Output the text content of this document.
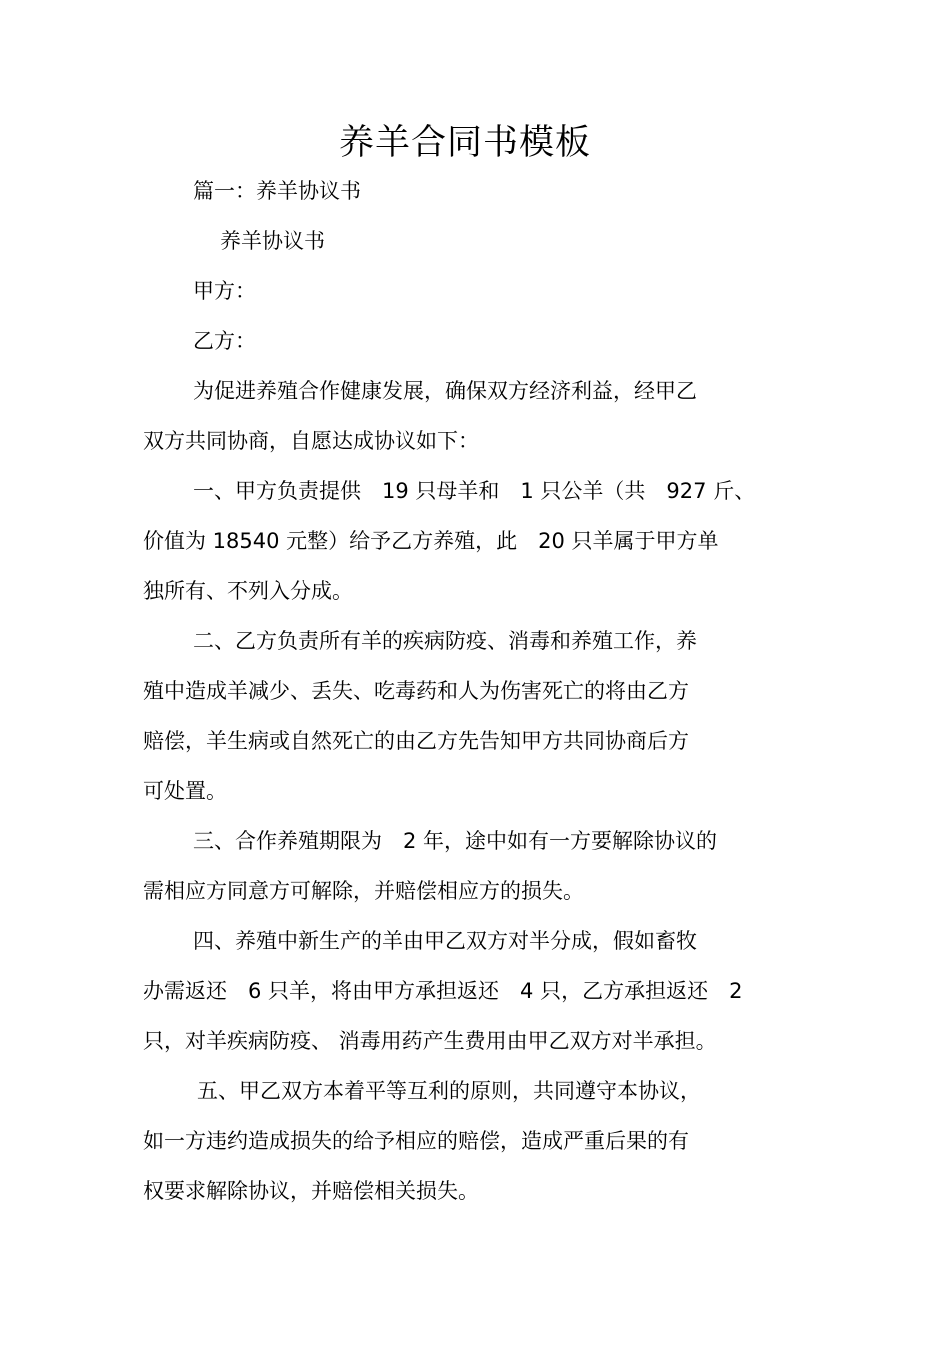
养羊合同书模板
篇一：养羊协议书
养羊协议书
甲方：
乙方：
为促进养殖合作健康发展，确保双方经济利益，经甲乙
双方共同协商，自愿达成协议如下：
一、甲方负责提供　19 只母羊和　1 只公羊（共　927 斤、
价值为 18540 元整）给予乙方养殖，此　20 只羊属于甲方单
独所有、不列入分成。
二、乙方负责所有羊的疾病防疫、消毒和养殖工作，养
殖中造成羊减少、丢失、吃毒药和人为伤害死亡的将由乙方
赔偿，羊生病或自然死亡的由乙方先告知甲方共同协商后方
可处置。
三、合作养殖期限为　2 年，途中如有一方要解除协议的
需相应方同意方可解除，并赔偿相应方的损失。
四、养殖中新生产的羊由甲乙双方对半分成，假如畜牧
办需返还　6 只羊，将由甲方承担返还　4 只，乙方承担返还　2
只，对羊疾病防疫、 消毒用药产生费用由甲乙双方对半承担。
五、甲乙双方本着平等互利的原则，共同遵守本协议，
如一方违约造成损失的给予相应的赔偿，造成严重后果的有
权要求解除协议，并赔偿相关损失。
